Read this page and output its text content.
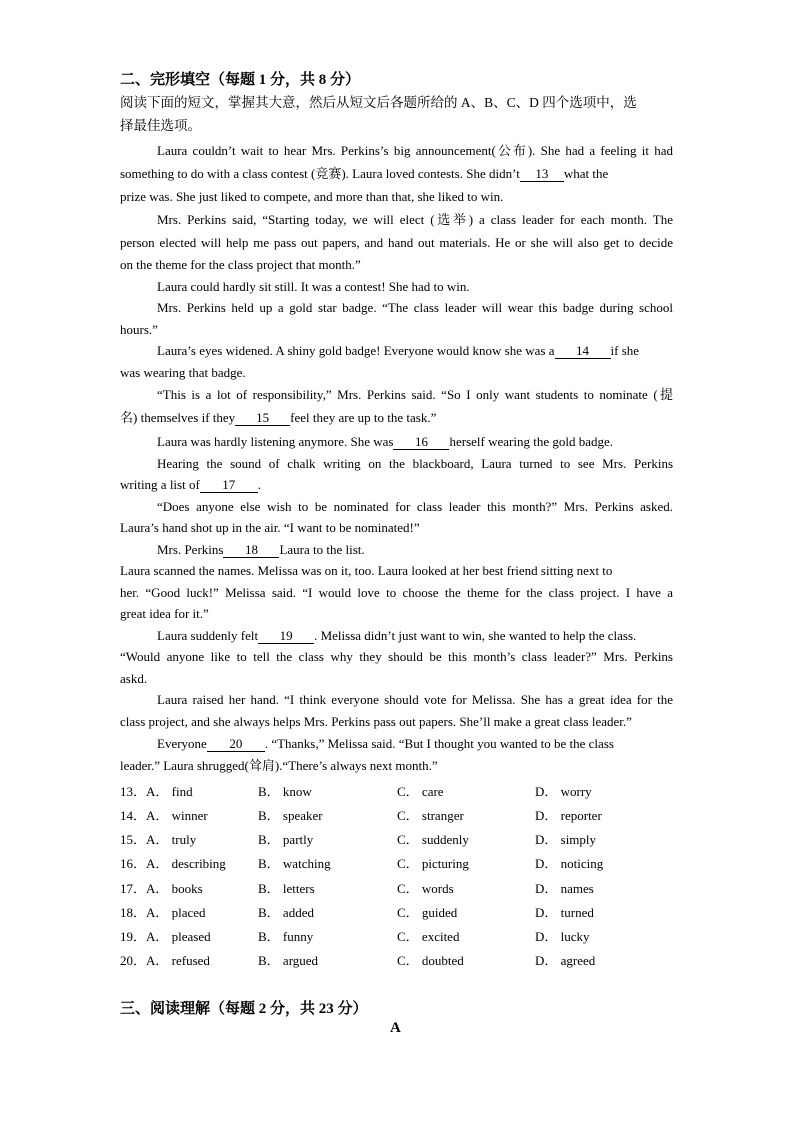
二、完形填空（每题 1 分，共 8 分）
阅读下面的短文，掌握其大意，然后从短文后各题所给的 A、B、C、D 四个选项中，选
择最佳选项。
Laura couldn’t wait to hear Mrs. Perkins’s big announcement(公布). She had a feeling it had
something to do with a class contest (竞赛). Laura loved contests. She didn’t 13 what the
prize was. She just liked to compete, and more than that, she liked to win.
Mrs. Perkins said, “Starting today, we will elect (选举) a class leader for each month. The
person elected will help me pass out papers, and hand out materials. He or she will also get to decide
on the theme for the class project that month.”
Laura could hardly sit still. It was a contest! She had to win.
Mrs. Perkins held up a gold star badge. “The class leader will wear this badge during school
hours.”
Laura’s eyes widened. A shiny gold badge! Everyone would know she was a 14 if she
was wearing that badge.
“This is a lot of responsibility,” Mrs. Perkins said. “So I only want students to nominate (提
名) themselves if they 15 feel they are up to the task.”
Laura was hardly listening anymore. She was 16 herself wearing the gold badge.
Hearing the sound of chalk writing on the blackboard, Laura turned to see Mrs. Perkins
writing a list of 17 .
“Does anyone else wish to be nominated for class leader this month?” Mrs. Perkins asked.
Laura’s hand shot up in the air. “I want to be nominated!”
Mrs. Perkins 18 Laura to the list.
Laura scanned the names. Melissa was on it, too. Laura looked at her best friend sitting next to
her. “Good luck!” Melissa said. “I would love to choose the theme for the class project. I have a
great idea for it.”
Laura suddenly felt 19 . Melissa didn’t just want to win, she wanted to help the class.
“Would anyone like to tell the class why they should be this month’s class leader?” Mrs. Perkins
askd.
Laura raised her hand. “I think everyone should vote for Melissa. She has a great idea for the
class project, and she always helps Mrs. Perkins pass out papers. She’ll make a great class leader.”
Everyone 20 . “Thanks,” Melissa said. “But I thought you wanted to be the class
leader.” Laura shrugged(耸肩).“There’s always next month.”
13． A． find	B． know	C． care	D． worry
14． A． winner	B． speaker	C． stranger	D． reporter
15． A． truly	B． partly	C． suddenly	D． simply
16． A． describing B． watching	C． picturing	D． noticing
17． A． books	B． letters	C． words	D． names
18． A． placed	B． added	C． guided	D． turned
19． A． pleased	B． funny	C． excited	D． lucky
20． A． refused	B． argued	C． doubted	D． agreed
三、阅读理解（每题 2 分，共 23 分）
A
